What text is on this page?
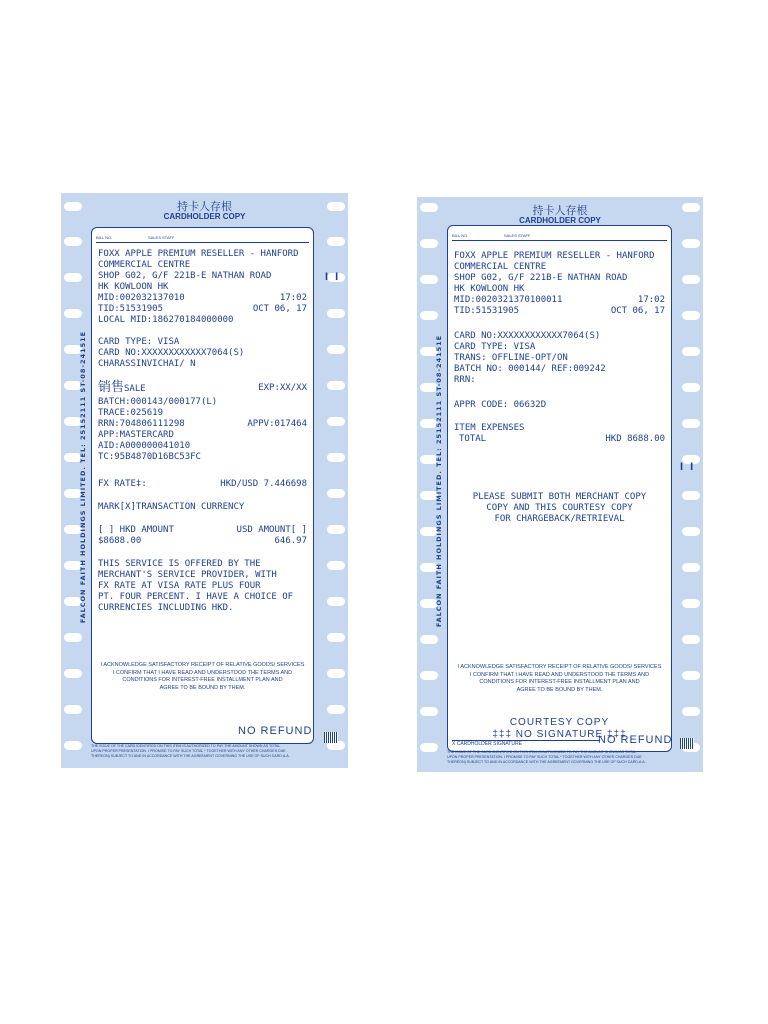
FALCON FAITH HOLDINGS LIMITED. TEL: 25152111 ST-08-24151E
持卡人存根
CARDHOLDER COPY
I I
BILL NO.	SALES STAFF
FOXX APPLE PREMIUM RESELLER - HANFORD
COMMERCIAL CENTRE
SHOP G02, G/F 221B-E NATHAN ROAD
HK KOWLOON HK
MID:002032137010	17:02
TID:51531905	OCT 06, 17
LOCAL MID:186270184000000
CARD TYPE: VISA
CARD NO:XXXXXXXXXXXX7064(S)
CHARASSINVICHAI/ N
销售SALE	EXP:XX/XX
BATCH:000143/000177(L)
TRACE:025619
RRN:704806111298	APPV:017464
APP:MASTERCARD
AID:A000000041010
TC:95B4870D16BC53FC
FX RATE‡:	HKD/USD 7.446698
MARK[X]TRANSACTION CURRENCY
[ ] HKD AMOUNT	USD AMOUNT[ ]
$8688.00	646.97
THIS SERVICE IS OFFERED BY THE
MERCHANT'S SERVICE PROVIDER, WITH
FX RATE AT VISA RATE PLUS FOUR
PT. FOUR PERCENT. I HAVE A CHOICE OF
CURRENCIES INCLUDING HKD.
I ACKNOWLEDGE SATISFACTORY RECEIPT OF RELATIVE GOODS/ SERVICES
I CONFIRM THAT I HAVE READ AND UNDERSTOOD THE TERMS AND
CONDITIONS FOR INTEREST-FREE INSTALLMENT PLAN AND
AGREE TO BE BOUND BY THEM.
NO REFUND
THE ISSUE OF THE CARD IDENTIFIED ON THIS ITEM IS AUTHORIZED TO PAY THE AMOUNT SHOWN AS TOTAL
UPON PROPER PRESENTATION. I PROMISE TO PAY SUCH TOTAL * TOGETHER WITH ANY OTHER CHARGES DUE
THEREON) SUBJECT TO AND IN ACCORDANCE WITH THE AGREEMENT GOVERNING THE USE OF SUCH CARD.A.A.
FALCON FAITH HOLDINGS LIMITED. TEL: 25152111 ST-08-24151E
持卡人存根
CARDHOLDER COPY
I I
BILL NO.	SALES STAFF
FOXX APPLE PREMIUM RESELLER - HANFORD
COMMERCIAL CENTRE
SHOP G02, G/F 221B-E NATHAN ROAD
HK KOWLOON HK
MID:0020321370100011	17:02
TID:51531905	OCT 06, 17
CARD NO:XXXXXXXXXXXX7064(S)
CARD TYPE: VISA
TRANS: OFFLINE-OPT/ON
BATCH NO: 000144/ REF:009242
RRN:
APPR CODE: 06632D
ITEM EXPENSES
TOTAL	HKD 8688.00
PLEASE SUBMIT BOTH MERCHANT COPY
COPY AND THIS COURTESY COPY
FOR CHARGEBACK/RETRIEVAL
I ACKNOWLEDGE SATISFACTORY RECEIPT OF RELATIVE GOODS/ SERVICES
I CONFIRM THAT I HAVE READ AND UNDERSTOOD THE TERMS AND
CONDITIONS FOR INTEREST-FREE INSTALLMENT PLAN AND
AGREE TO BE BOUND BY THEM.
COURTESY COPY
‡‡‡ NO SIGNATURE ‡‡‡
X CARDHOLDER SIGNATURE	NO REFUND
THE ISSUE OF THE CARD IDENTIFIED ON THIS ITEM IS AUTHORIZED TO PAY THE AMOUNT SHOWN AS TOTAL
UPON PROPER PRESENTATION. I PROMISE TO PAY SUCH TOTAL * TOGETHER WITH ANY OTHER CHARGES DUE
THEREON) SUBJECT TO AND IN ACCORDANCE WITH THE AGREEMENT GOVERNING THE USE OF SUCH CARD.A.A.
